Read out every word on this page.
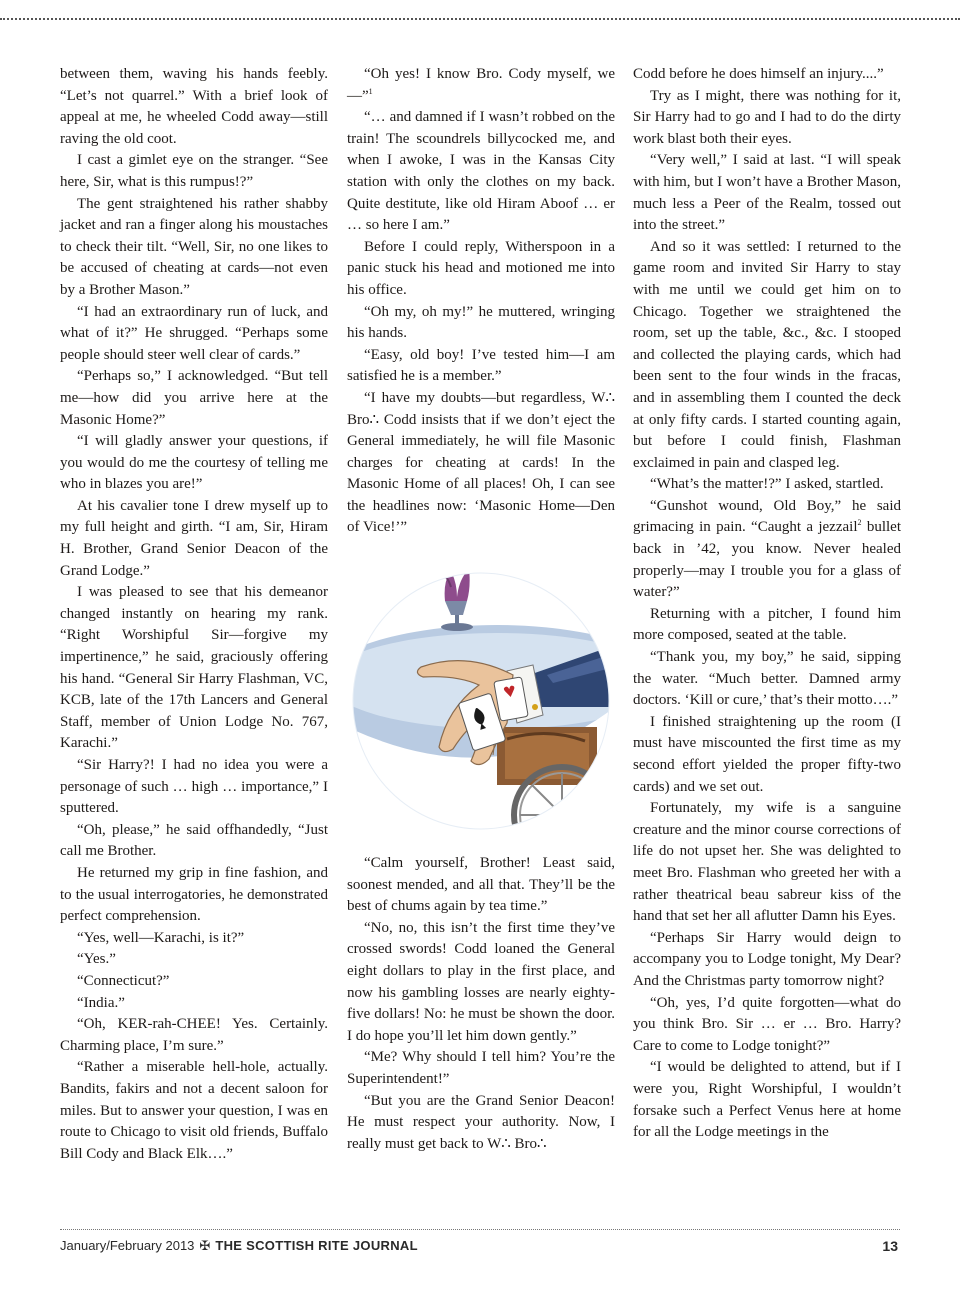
between them, waving his hands feebly. “Let’s not quarrel.” With a brief look of appeal at me, he wheeled Codd away—still raving the old coot.

I cast a gimlet eye on the stranger. “See here, Sir, what is this rumpus!?”

The gent straightened his rather shabby jacket and ran a finger along his moustaches to check their tilt. “Well, Sir, no one likes to be accused of cheating at cards—not even by a Brother Mason.”

“I had an extraordinary run of luck, and what of it?” He shrugged. “Perhaps some people should steer well clear of cards.”

“Perhaps so,” I acknowledged. “But tell me—how did you arrive here at the Masonic Home?”

“I will gladly answer your questions, if you would do me the courtesy of telling me who in blazes you are!”

At his cavalier tone I drew myself up to my full height and girth. “I am, Sir, Hiram H. Brother, Grand Senior Deacon of the Grand Lodge.”

I was pleased to see that his demeanor changed instantly on hearing my rank. “Right Worshipful Sir—forgive my impertinence,” he said, graciously offering his hand. “General Sir Harry Flashman, VC, KCB, late of the 17th Lancers and General Staff, member of Union Lodge No. 767, Karachi.”

“Sir Harry?! I had no idea you were a personage of such … high … importance,” I sputtered.

“Oh, please,” he said offhandedly, “Just call me Brother.

He returned my grip in fine fashion, and to the usual interrogatories, he demonstrated perfect comprehension.

“Yes, well—Karachi, is it?”

“Yes.”

“Connecticut?”

“India.”

“Oh, KER-rah-CHEE! Yes. Certainly. Charming place, I’m sure.”

“Rather a miserable hell-hole, actually. Bandits, fakirs and not a decent saloon for miles. But to answer your question, I was en route to Chicago to visit old friends, Buffalo Bill Cody and Black Elk….”

“Oh yes! I know Bro. Cody myself, we—”$^1$

“… and damned if I wasn’t robbed on the train! The scoundrels billycocked me, and when I awoke, I was in the Kansas City station with only the clothes on my back. Quite destitute, like old Hiram Aboof … er … so here I am.”

Before I could reply, Witherspoon in a panic stuck his head and motioned me into his office.

“Oh my, oh my!” he muttered, wringing his hands.

“Easy, old boy! I’ve tested him—I am satisfied he is a member.”

“I have my doubts—but regardless, W∴ Bro∴ Codd insists that if we don’t eject the General immediately, he will file Masonic charges for cheating at cards! In the Masonic Home of all places! Oh, I can see the headlines now: ‘Masonic Home—Den of Vice!’”

“Calm yourself, Brother! Least said, soonest mended, and all that. They’ll be the best of chums again by tea time.”

“No, no, this isn’t the first time they’ve crossed swords! Codd loaned the General eight dollars to play in the first place, and now his gambling losses are nearly eighty-five dollars! No: he must be shown the door. I do hope you’ll let him down gently.”

“Me? Why should I tell him? You’re the Superintendent!”

“But you are the Grand Senior Deacon! He must respect your authority. Now, I really must get back to W∴ Bro∴

Codd before he does himself an injury....”

Try as I might, there was nothing for it, Sir Harry had to go and I had to do the dirty work blast both their eyes.

“Very well,” I said at last. “I will speak with him, but I won’t have a Brother Mason, much less a Peer of the Realm, tossed out into the street.”

And so it was settled: I returned to the game room and invited Sir Harry to stay with me until we could get him on to Chicago. Together we straightened the room, set up the table, &c., &c. I stooped and collected the playing cards, which had been sent to the four winds in the fracas, and in assembling them I counted the deck at only fifty cards. I started counting again, but before I could finish, Flashman exclaimed in pain and clasped leg.

“What’s the matter!?” I asked, startled.

“Gunshot wound, Old Boy,” he said grimacing in pain. “Caught a jezzail$^2$ bullet back in ’42, you know. Never healed properly—may I trouble you for a glass of water?”

Returning with a pitcher, I found him more composed, seated at the table.

“Thank you, my boy,” he said, sipping the water. “Much better. Damned army doctors. ‘Kill or cure,’ that’s their motto….”

I finished straightening up the room (I must have miscounted the first time as my second effort yielded the proper fifty-two cards) and we set out.

Fortunately, my wife is a sanguine creature and the minor course corrections of life do not upset her. She was delighted to meet Bro. Flashman who greeted her with a rather theatrical beau sabreur kiss of the hand that set her all aflutter Damn his Eyes.

“Perhaps Sir Harry would deign to accompany you to Lodge tonight, My Dear? And the Christmas party tomorrow night?

“Oh, yes, I’d quite forgotten—what do you think Bro. Sir … er … Bro. Harry? Care to come to Lodge tonight?”

“I would be delighted to attend, but if I were you, Right Worshipful, I wouldn’t forsake such a Perfect Venus here at home for all the Lodge meetings in the

January/February 2013 ✠ THE SCOTTISH RITE JOURNAL	13
